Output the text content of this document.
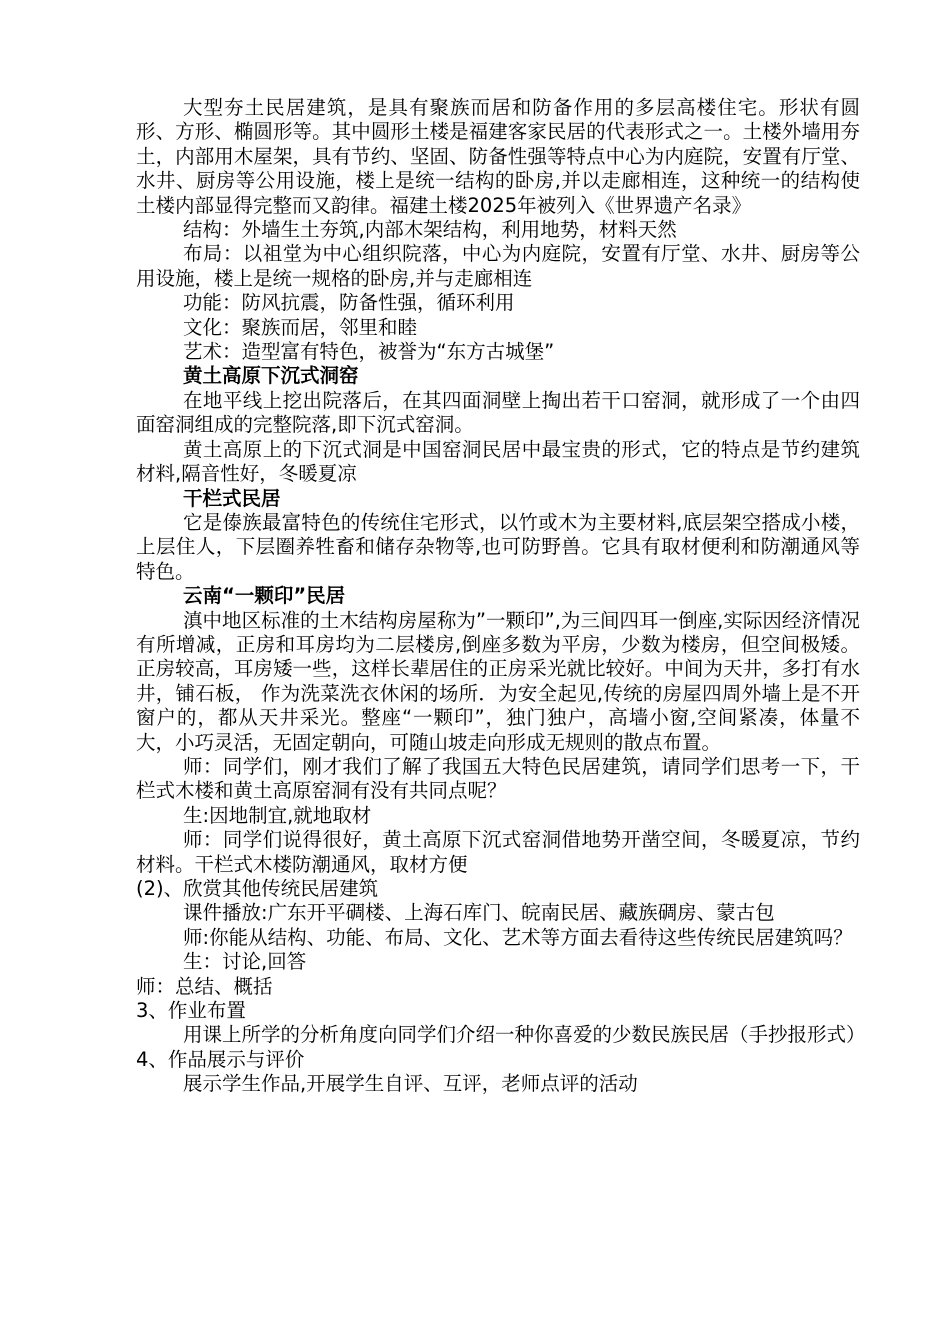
大型夯土民居建筑，是具有聚族而居和防备作用的多层高楼住宅。形状有圆形、方形、椭圆形等。其中圆形土楼是福建客家民居的代表形式之一。土楼外墙用夯土，内部用木屋架，具有节约、坚固、防备性强等特点中心为内庭院，安置有厅堂、水井、厨房等公用设施，楼上是统一结构的卧房,并以走廊相连，这种统一的结构使土楼内部显得完整而又韵律。福建土楼2025年被列入《世界遗产名录》

结构：外墙生土夯筑,内部木架结构，利用地势，材料天然

布局：以祖堂为中心组织院落，中心为内庭院，安置有厅堂、水井、厨房等公用设施，楼上是统一规格的卧房,并与走廊相连

功能：防风抗震，防备性强，循环利用

文化：聚族而居，邻里和睦

艺术：造型富有特色，被誉为“东方古城堡”

黄土高原下沉式洞窑

在地平线上挖出院落后，在其四面洞壁上掏出若干口窑洞，就形成了一个由四面窑洞组成的完整院落,即下沉式窑洞。

黄土高原上的下沉式洞是中国窑洞民居中最宝贵的形式，它的特点是节约建筑材料,隔音性好，冬暖夏凉

干栏式民居

它是傣族最富特色的传统住宅形式，以竹或木为主要材料,底层架空搭成小楼，上层住人，下层圈养牲畜和储存杂物等,也可防野兽。它具有取材便利和防潮通风等特色。

云南“一颗印”民居

滇中地区标准的土木结构房屋称为”一颗印”,为三间四耳一倒座,实际因经济情况有所增减，正房和耳房均为二层楼房,倒座多数为平房，少数为楼房，但空间极矮。正房较高，耳房矮一些，这样长辈居住的正房采光就比较好。中间为天井，多打有水井，铺石板， 作为洗菜洗衣休闲的场所．为安全起见,传统的房屋四周外墙上是不开窗户的，都从天井采光。整座“一颗印”，独门独户，高墙小窗,空间紧凑，体量不大，小巧灵活，无固定朝向，可随山坡走向形成无规则的散点布置。

师：同学们，刚才我们了解了我国五大特色民居建筑，请同学们思考一下，干栏式木楼和黄土高原窑洞有没有共同点呢？

生:因地制宜,就地取材

师：同学们说得很好，黄土高原下沉式窑洞借地势开凿空间，冬暖夏凉，节约材料。干栏式木楼防潮通风，取材方便

(2)、欣赏其他传统民居建筑

课件播放:广东开平碉楼、上海石库门、皖南民居、藏族碉房、蒙古包

师:你能从结构、功能、布局、文化、艺术等方面去看待这些传统民居建筑吗？

生：讨论,回答

师：总结、概括

3、作业布置

用课上所学的分析角度向同学们介绍一种你喜爱的少数民族民居（手抄报形式）

4、作品展示与评价

展示学生作品,开展学生自评、互评，老师点评的活动
